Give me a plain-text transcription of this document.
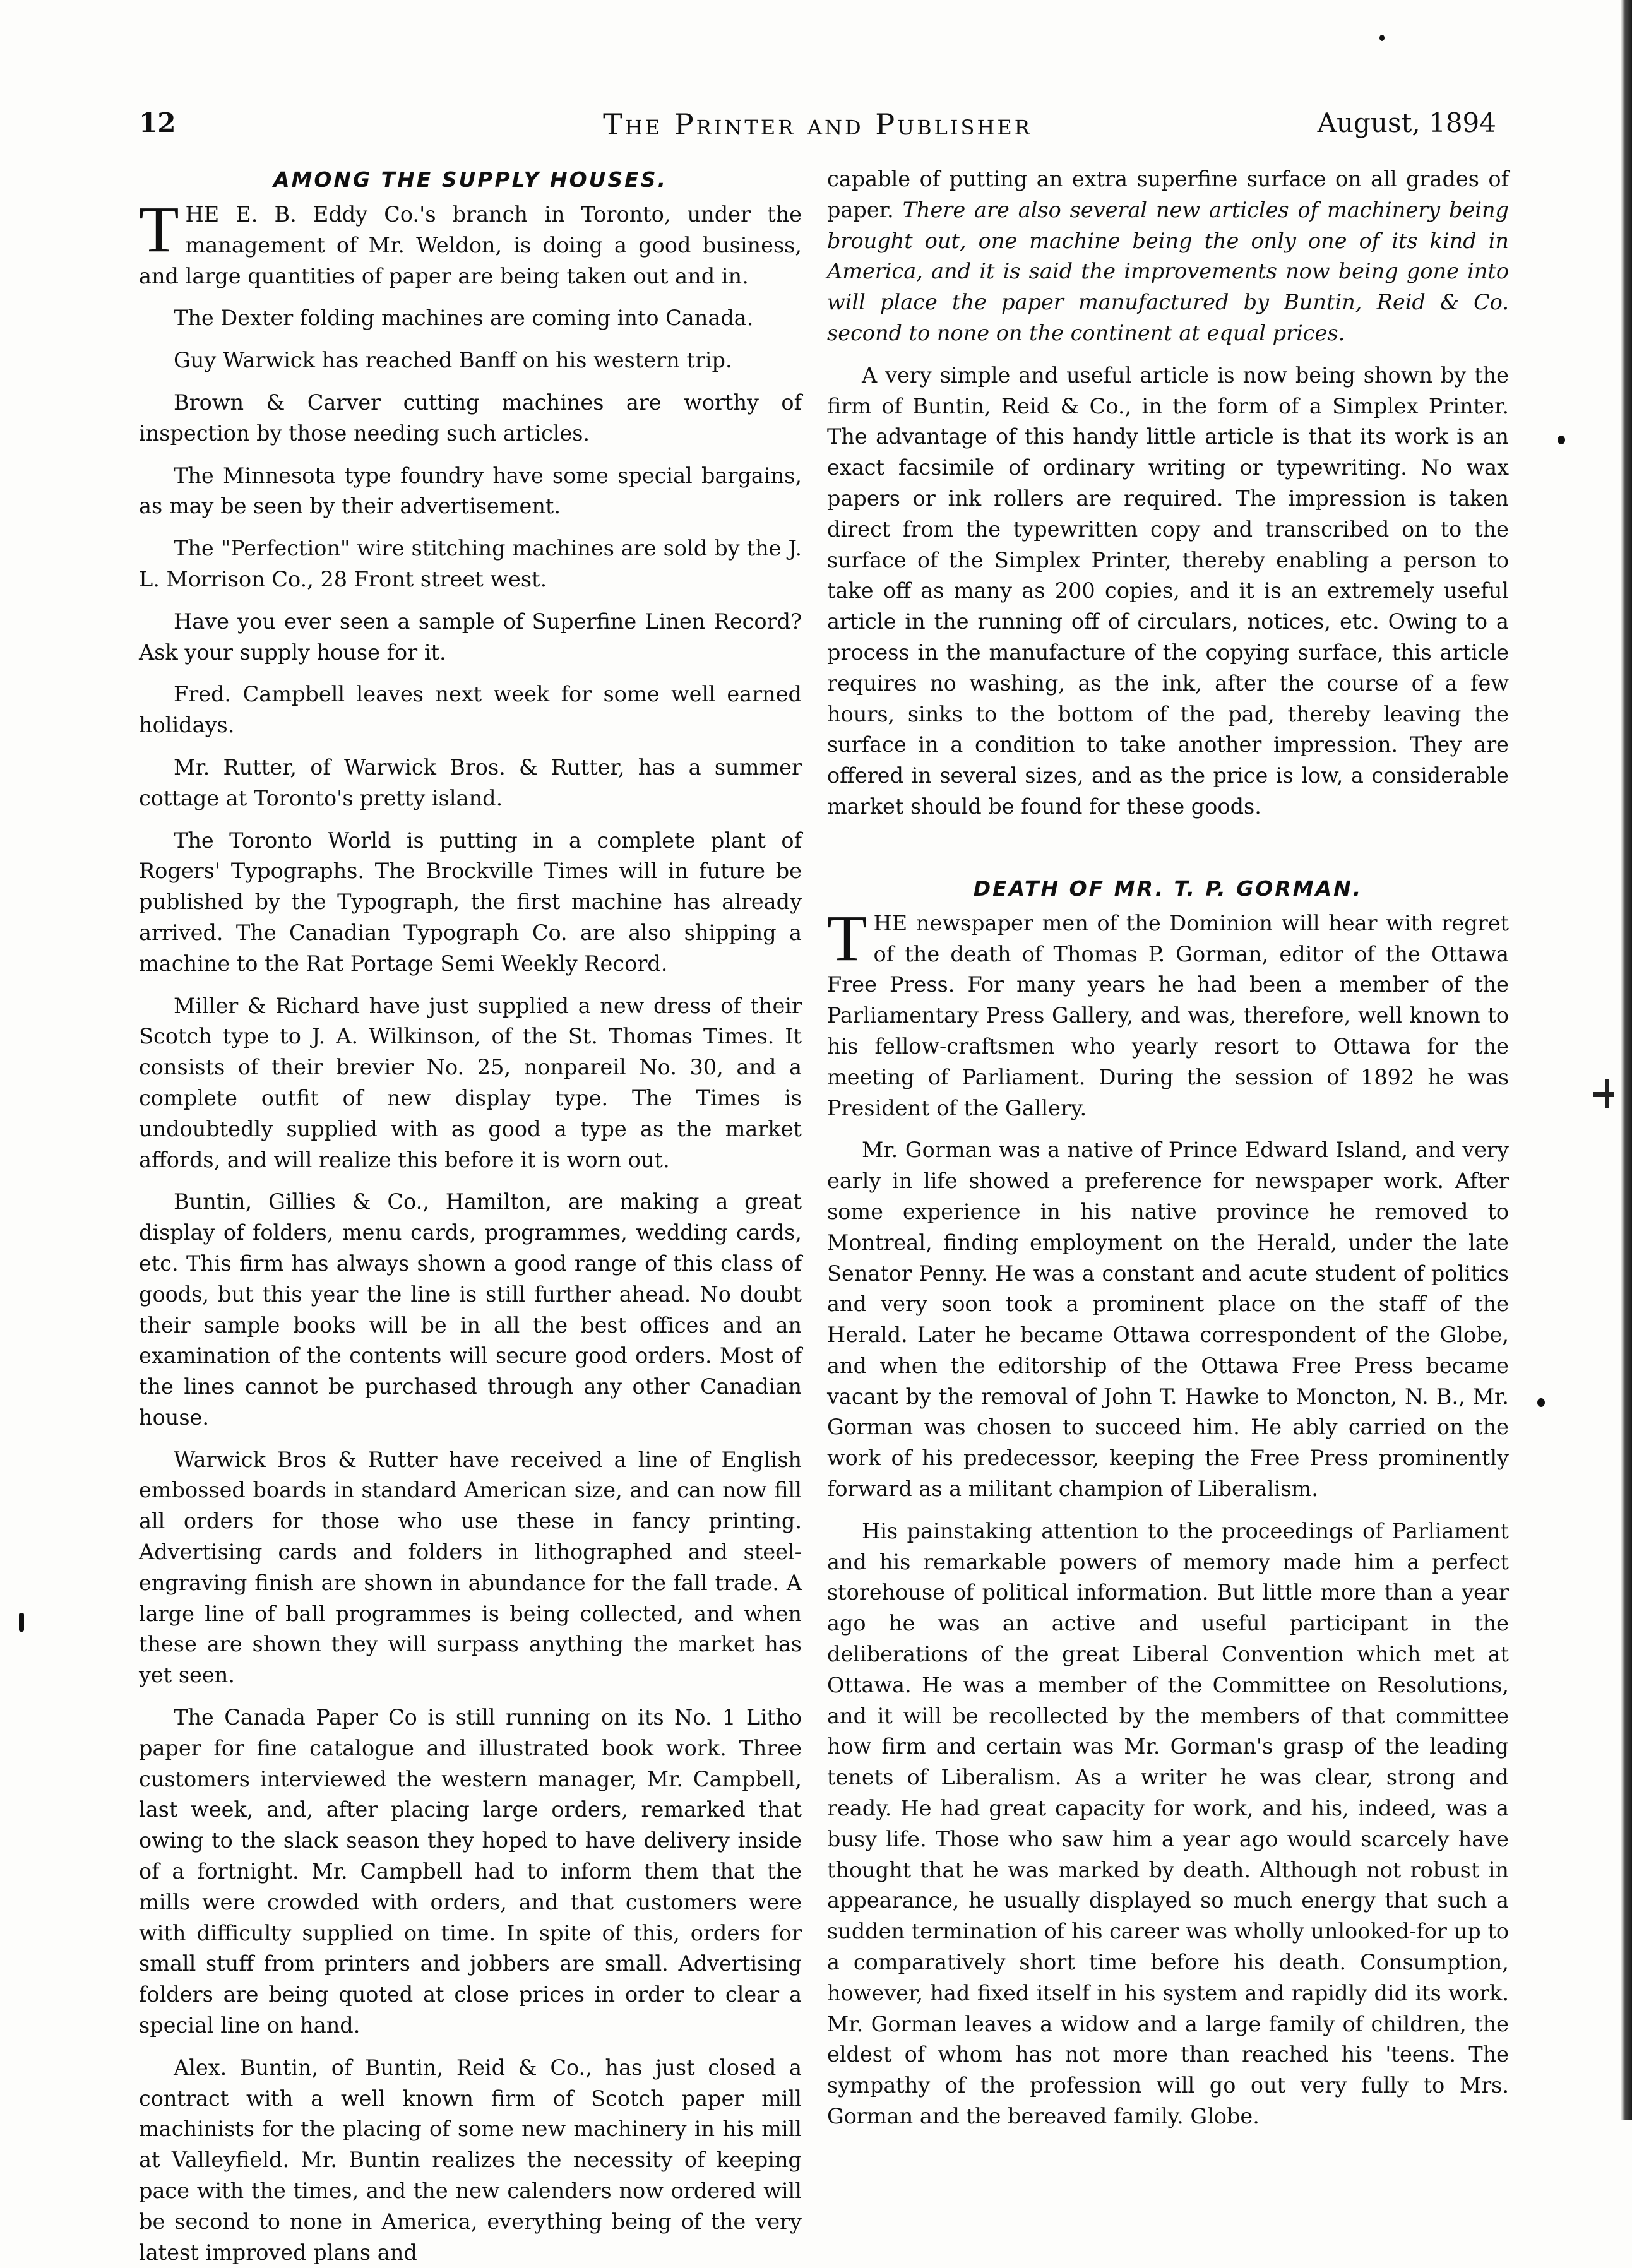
12	The Printer and Publisher	August, 1894
AMONG THE SUPPLY HOUSES.

THE E. B. Eddy Co.'s branch in Toronto, under the management of Mr. Weldon, is doing a good business, and large quantities of paper are being taken out and in.

The Dexter folding machines are coming into Canada.

Guy Warwick has reached Banff on his western trip.

Brown & Carver cutting machines are worthy of inspection by those needing such articles.

The Minnesota type foundry have some special bargains, as may be seen by their advertisement.

The "Perfection" wire stitching machines are sold by the J. L. Morrison Co., 28 Front street west.

Have you ever seen a sample of Superfine Linen Record? Ask your supply house for it.

Fred. Campbell leaves next week for some well earned holidays.

Mr. Rutter, of Warwick Bros. & Rutter, has a summer cottage at Toronto's pretty island.

The Toronto World is putting in a complete plant of Rogers' Typographs. The Brockville Times will in future be published by the Typograph, the first machine has already arrived. The Canadian Typograph Co. are also shipping a machine to the Rat Portage Semi Weekly Record.

Miller & Richard have just supplied a new dress of their Scotch type to J. A. Wilkinson, of the St. Thomas Times. It consists of their brevier No. 25, nonpareil No. 30, and a complete outfit of new display type. The Times is undoubtedly supplied with as good a type as the market affords, and will realize this before it is worn out.

Buntin, Gillies & Co., Hamilton, are making a great display of folders, menu cards, programmes, wedding cards, etc. This firm has always shown a good range of this class of goods, but this year the line is still further ahead. No doubt their sample books will be in all the best offices and an examination of the contents will secure good orders. Most of the lines cannot be purchased through any other Canadian house.

Warwick Bros & Rutter have received a line of English embossed boards in standard American size, and can now fill all orders for those who use these in fancy printing. Advertising cards and folders in lithographed and steel-engraving finish are shown in abundance for the fall trade. A large line of ball programmes is being collected, and when these are shown they will surpass anything the market has yet seen.

The Canada Paper Co is still running on its No. 1 Litho paper for fine catalogue and illustrated book work. Three customers interviewed the western manager, Mr. Campbell, last week, and, after placing large orders, remarked that owing to the slack season they hoped to have delivery inside of a fortnight. Mr. Campbell had to inform them that the mills were crowded with orders, and that customers were with difficulty supplied on time. In spite of this, orders for small stuff from printers and jobbers are small. Advertising folders are being quoted at close prices in order to clear a special line on hand.

Alex. Buntin, of Buntin, Reid & Co., has just closed a contract with a well known firm of Scotch paper mill machinists for the placing of some new machinery in his mill at Valleyfield. Mr. Buntin realizes the necessity of keeping pace with the times, and the new calenders now ordered will be second to none in America, everything being of the very latest improved plans and

capable of putting an extra superfine surface on all grades of paper. There are also several new articles of machinery being brought out, one machine being the only one of its kind in America, and it is said the improvements now being gone into will place the paper manufactured by Buntin, Reid & Co. second to none on the continent at equal prices.

A very simple and useful article is now being shown by the firm of Buntin, Reid & Co., in the form of a Simplex Printer. The advantage of this handy little article is that its work is an exact facsimile of ordinary writing or typewriting. No wax papers or ink rollers are required. The impression is taken direct from the typewritten copy and transcribed on to the surface of the Simplex Printer, thereby enabling a person to take off as many as 200 copies, and it is an extremely useful article in the running off of circulars, notices, etc. Owing to a process in the manufacture of the copying surface, this article requires no washing, as the ink, after the course of a few hours, sinks to the bottom of the pad, thereby leaving the surface in a condition to take another impression. They are offered in several sizes, and as the price is low, a considerable market should be found for these goods.

DEATH OF MR. T. P. GORMAN.

THE newspaper men of the Dominion will hear with regret of the death of Thomas P. Gorman, editor of the Ottawa Free Press. For many years he had been a member of the Parliamentary Press Gallery, and was, therefore, well known to his fellow-craftsmen who yearly resort to Ottawa for the meeting of Parliament. During the session of 1892 he was President of the Gallery.

Mr. Gorman was a native of Prince Edward Island, and very early in life showed a preference for newspaper work. After some experience in his native province he removed to Montreal, finding employment on the Herald, under the late Senator Penny. He was a constant and acute student of politics and very soon took a prominent place on the staff of the Herald. Later he became Ottawa correspondent of the Globe, and when the editorship of the Ottawa Free Press became vacant by the removal of John T. Hawke to Moncton, N. B., Mr. Gorman was chosen to succeed him. He ably carried on the work of his predecessor, keeping the Free Press prominently forward as a militant champion of Liberalism.

His painstaking attention to the proceedings of Parliament and his remarkable powers of memory made him a perfect storehouse of political information. But little more than a year ago he was an active and useful participant in the deliberations of the great Liberal Convention which met at Ottawa. He was a member of the Committee on Resolutions, and it will be recollected by the members of that committee how firm and certain was Mr. Gorman's grasp of the leading tenets of Liberalism. As a writer he was clear, strong and ready. He had great capacity for work, and his, indeed, was a busy life. Those who saw him a year ago would scarcely have thought that he was marked by death. Although not robust in appearance, he usually displayed so much energy that such a sudden termination of his career was wholly unlooked-for up to a comparatively short time before his death. Consumption, however, had fixed itself in his system and rapidly did its work. Mr. Gorman leaves a widow and a large family of children, the eldest of whom has not more than reached his 'teens. The sympathy of the profession will go out very fully to Mrs. Gorman and the bereaved family. Globe.
